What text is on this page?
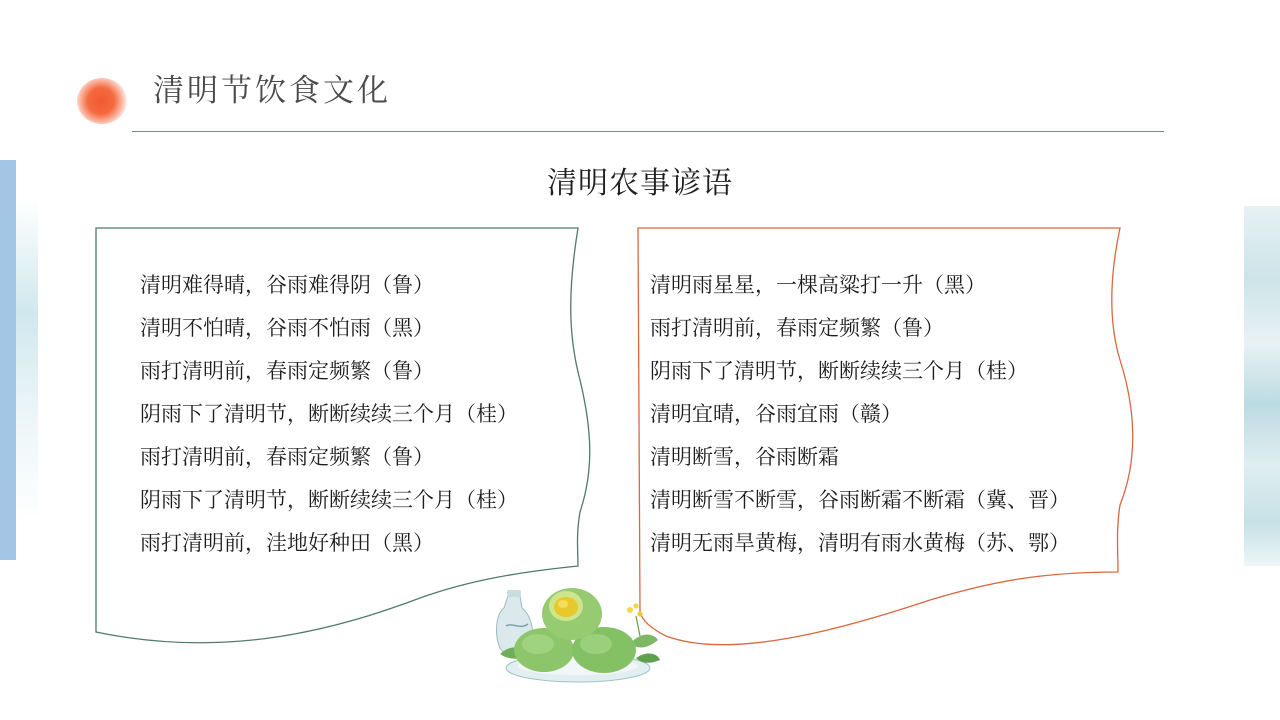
清明节饮食文化
清明农事谚语
清明难得晴，谷雨难得阴（鲁）
清明不怕晴，谷雨不怕雨（黑）
雨打清明前，春雨定频繁（鲁）
阴雨下了清明节，断断续续三个月（桂）
雨打清明前，春雨定频繁（鲁）
阴雨下了清明节，断断续续三个月（桂）
雨打清明前，洼地好种田（黑）
清明雨星星，一棵高粱打一升（黑）
雨打清明前，春雨定频繁（鲁）
阴雨下了清明节，断断续续三个月（桂）
清明宜晴，谷雨宜雨（赣）
清明断雪，谷雨断霜
清明断雪不断雪，谷雨断霜不断霜（冀、晋）
清明无雨旱黄梅，清明有雨水黄梅（苏、鄂）
